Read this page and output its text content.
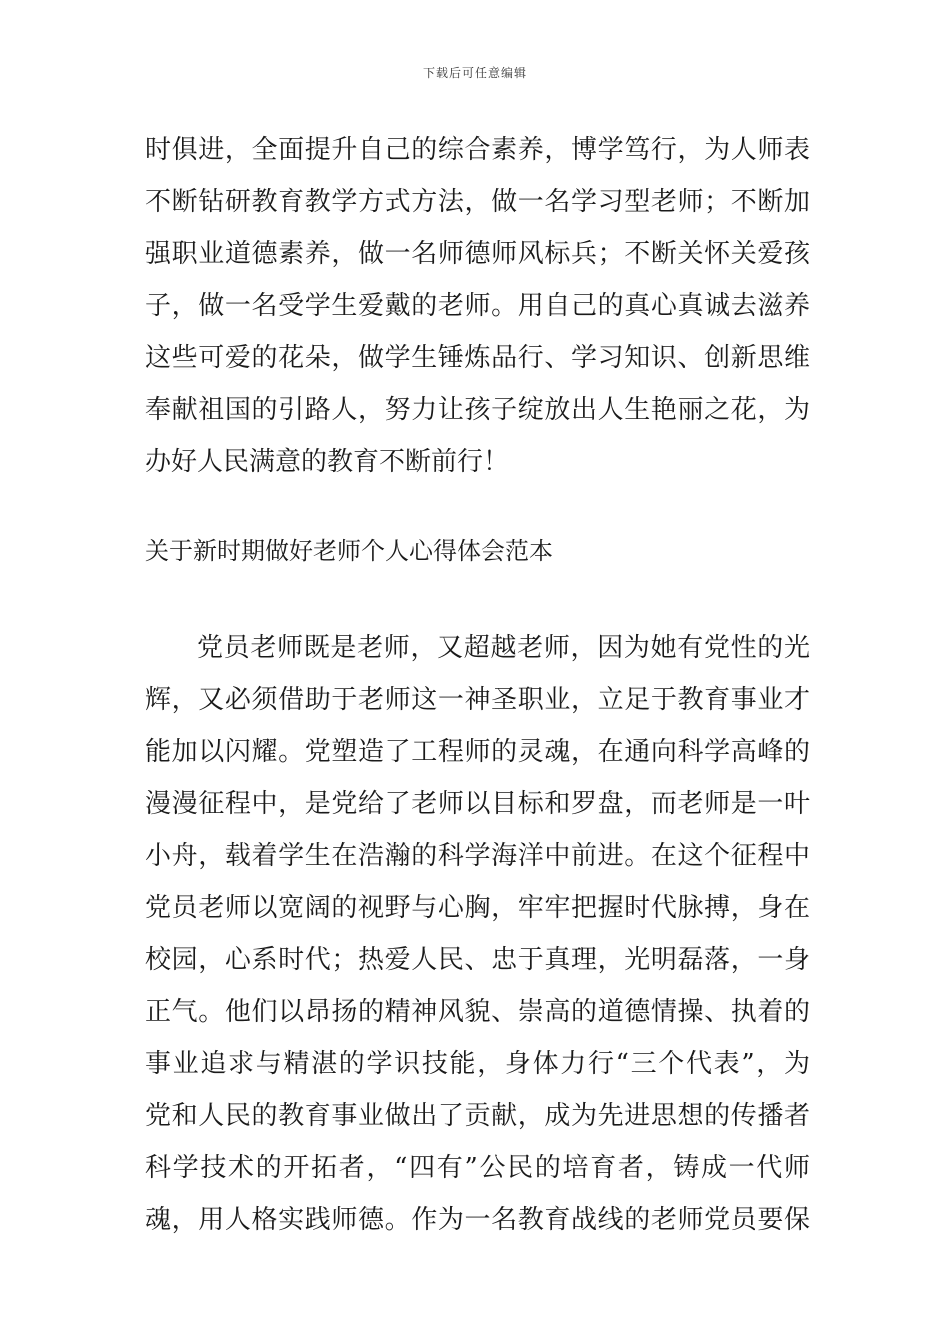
下载后可任意编辑
时俱进，全面提升自己的综合素养，博学笃行，为人师表
不断钻研教育教学方式方法，做一名学习型老师；不断加
强职业道德素养，做一名师德师风标兵；不断关怀关爱孩
子，做一名受学生爱戴的老师。用自己的真心真诚去滋养
这些可爱的花朵，做学生锤炼品行、学习知识、创新思维
奉献祖国的引路人，努力让孩子绽放出人生艳丽之花，为
办好人民满意的教育不断前行！
关于新时期做好老师个人心得体会范本
党员老师既是老师，又超越老师，因为她有党性的光
辉，又必须借助于老师这一神圣职业，立足于教育事业才
能加以闪耀。党塑造了工程师的灵魂，在通向科学高峰的
漫漫征程中，是党给了老师以目标和罗盘，而老师是一叶
小舟，载着学生在浩瀚的科学海洋中前进。在这个征程中
党员老师以宽阔的视野与心胸，牢牢把握时代脉搏，身在
校园，心系时代；热爱人民、忠于真理，光明磊落，一身
正气。他们以昂扬的精神风貌、崇高的道德情操、执着的
事业追求与精湛的学识技能，身体力行“三个代表”，为
党和人民的教育事业做出了贡献，成为先进思想的传播者
科学技术的开拓者，“四有”公民的培育者，铸成一代师
魂，用人格实践师德。作为一名教育战线的老师党员要保
